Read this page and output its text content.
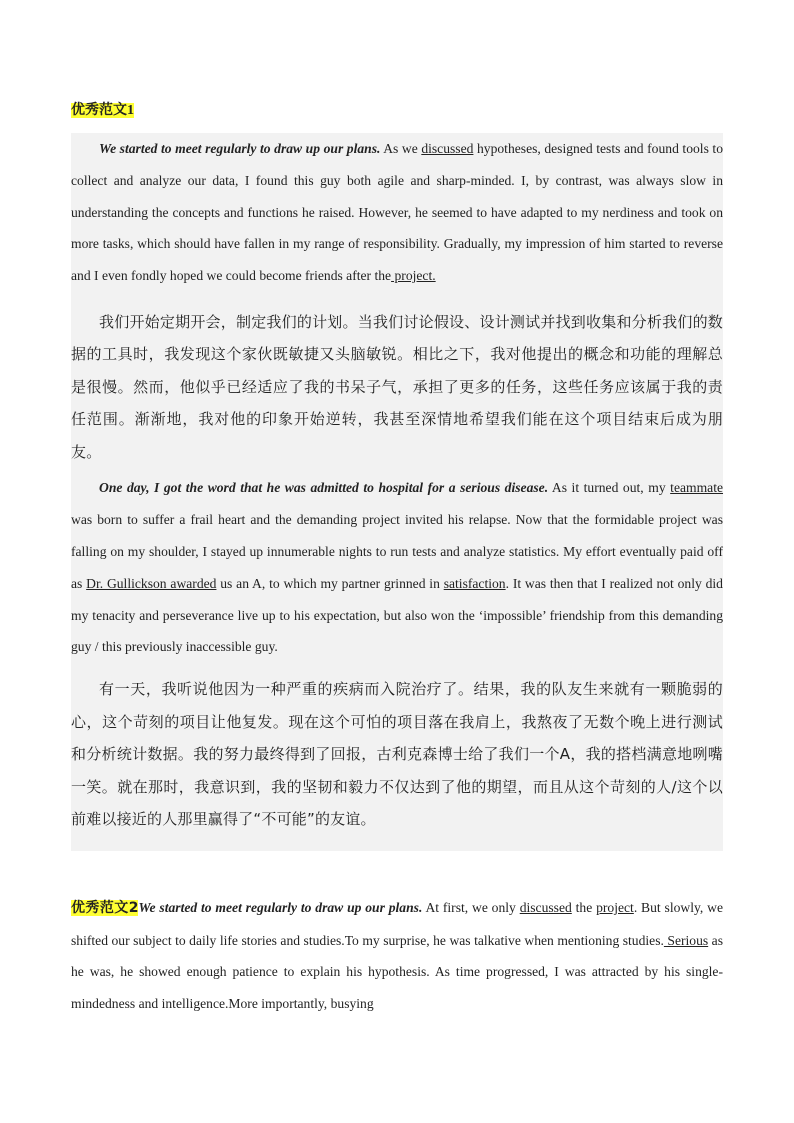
优秀范文1

We started to meet regularly to draw up our plans. As we discussed hypotheses, designed tests and found tools to collect and analyze our data, I found this guy both agile and sharp-minded. I, by contrast, was always slow in understanding the concepts and functions he raised. However, he seemed to have adapted to my nerdiness and took on more tasks, which should have fallen in my range of responsibility. Gradually, my impression of him started to reverse and I even fondly hoped we could become friends after the project.

我们开始定期开会，制定我们的计划。当我们讨论假设、设计测试并找到收集和分析我们的数据的工具时，我发现这个家伙既敏捷又头脑敏锐。相比之下，我对他提出的概念和功能的理解总是很慢。然而，他似乎已经适应了我的书呆子气，承担了更多的任务，这些任务应该属于我的责任范围。渐渐地，我对他的印象开始逆转，我甚至深情地希望我们能在这个项目结束后成为朋友。

One day, I got the word that he was admitted to hospital for a serious disease. As it turned out, my teammate was born to suffer a frail heart and the demanding project invited his relapse. Now that the formidable project was falling on my shoulder, I stayed up innumerable nights to run tests and analyze statistics. My effort eventually paid off as Dr. Gullickson awarded us an A, to which my partner grinned in satisfaction. It was then that I realized not only did my tenacity and perseverance live up to his expectation, but also won the ‘impossible’ friendship from this demanding guy / this previously inaccessible guy.

有一天，我听说他因为一种严重的疾病而入院治疗了。结果，我的队友生来就有一颗脆弱的心，这个苛刻的项目让他复发。现在这个可怕的项目落在我肩上，我熬夜了无数个晚上进行测试和分析统计数据。我的努力最终得到了回报，古利克森博士给了我们一个A，我的搭档满意地咧嘴一笑。就在那时，我意识到，我的坚韧和毅力不仅达到了他的期望，而且从这个苛刻的人/这个以前难以接近的人那里赢得了“不可能”的友谊。

优秀范文2We started to meet regularly to draw up our plans. At first, we only discussed the project. But slowly, we shifted our subject to daily life stories and studies.To my surprise, he was talkative when mentioning studies. Serious as he was, he showed enough patience to explain his hypothesis. As time progressed, I was attracted by his single-mindedness and intelligence.More importantly, busying
